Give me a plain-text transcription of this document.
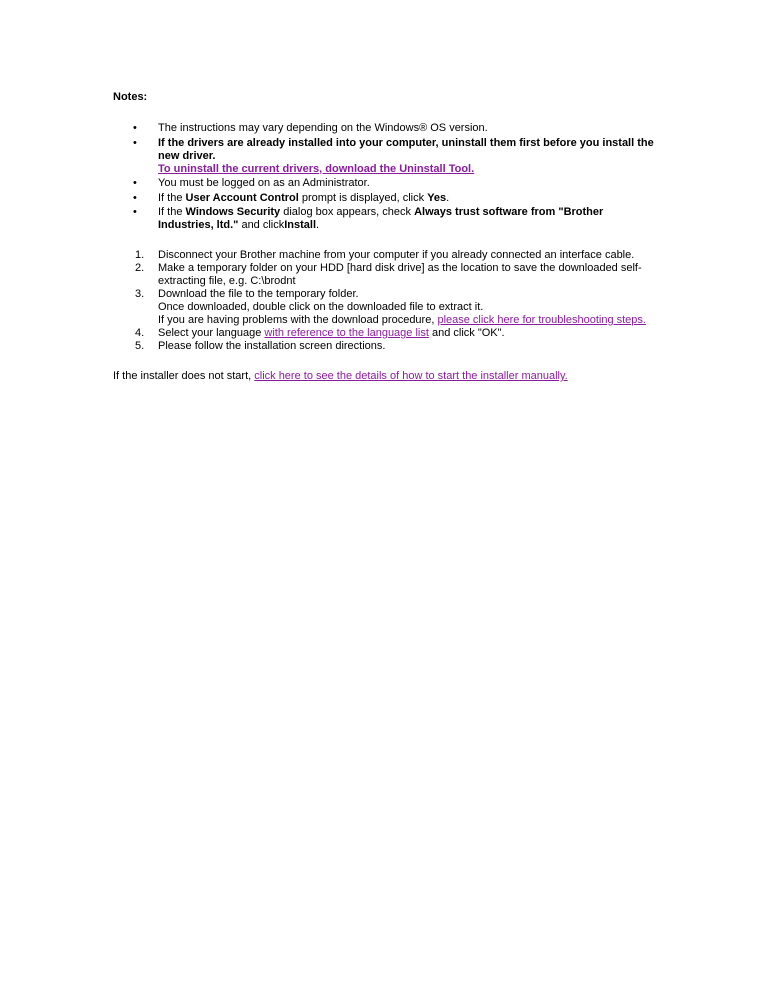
Notes:

• The instructions may vary depending on the Windows® OS version.
• If the drivers are already installed into your computer, uninstall them first before you install the new driver.
To uninstall the current drivers, download the Uninstall Tool.
• You must be logged on as an Administrator.
• If the User Account Control prompt is displayed, click Yes.
• If the Windows Security dialog box appears, check Always trust software from "Brother Industries, ltd." and clickInstall.
1. Disconnect your Brother machine from your computer if you already connected an interface cable.
2. Make a temporary folder on your HDD [hard disk drive] as the location to save the downloaded self-extracting file, e.g. C:\brodnt
3. Download the file to the temporary folder.
Once downloaded, double click on the downloaded file to extract it.
If you are having problems with the download procedure, please click here for troubleshooting steps.
4. Select your language with reference to the language list and click "OK".
5. Please follow the installation screen directions.
If the installer does not start, click here to see the details of how to start the installer manually.
